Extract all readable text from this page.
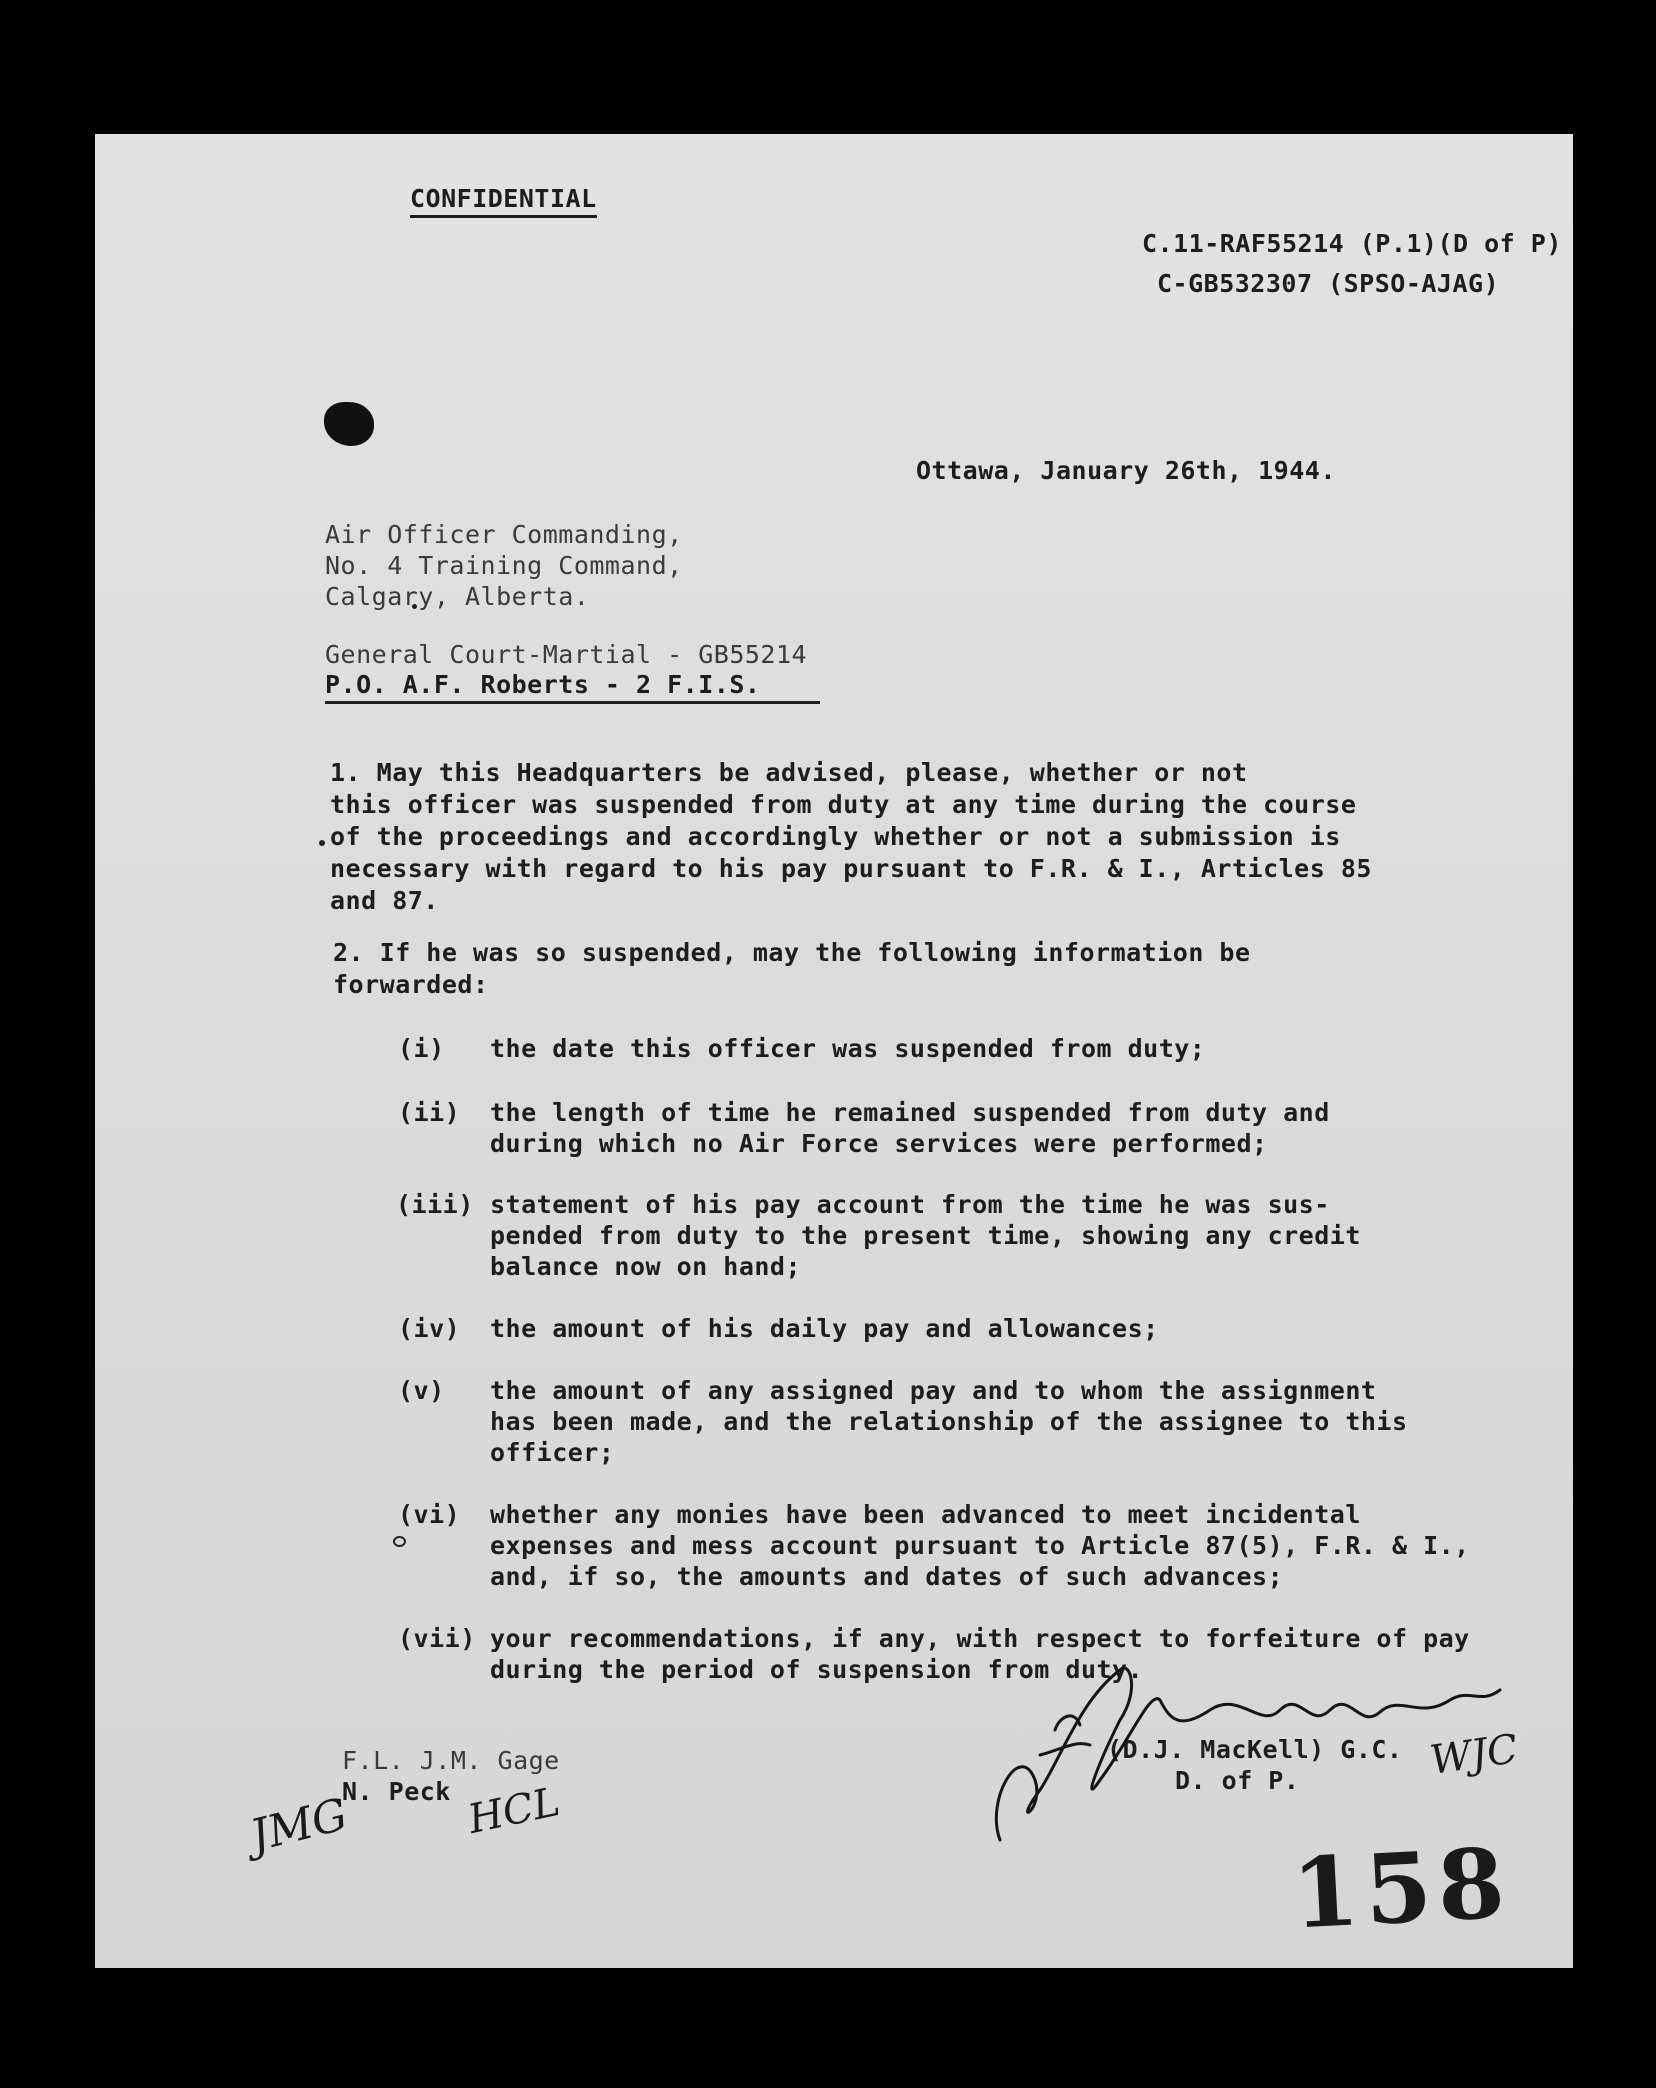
CONFIDENTIAL
C.11-RAF55214 (P.1)(D of P)
C-GB532307 (SPSO-AJAG)
Ottawa, January 26th, 1944.
Air Officer Commanding,
No. 4 Training Command,
Calgary, Alberta.
General Court-Martial - GB55214
P.O. A.F. Roberts - 2 F.I.S.
1. May this Headquarters be advised, please, whether or not
this officer was suspended from duty at any time during the course
of the proceedings and accordingly whether or not a submission is
necessary with regard to his pay pursuant to F.R. & I., Articles 85
and 87.
2. If he was so suspended, may the following information be
forwarded:
(i) the date this officer was suspended from duty;
(ii) the length of time he remained suspended from duty and
during which no Air Force services were performed;
(iii) statement of his pay account from the time he was sus-
pended from duty to the present time, showing any credit
balance now on hand;
(iv) the amount of his daily pay and allowances;
(v) the amount of any assigned pay and to whom the assignment
has been made, and the relationship of the assignee to this
officer;
(vi) whether any monies have been advanced to meet incidental
expenses and mess account pursuant to Article 87(5), F.R. & I.,
and, if so, the amounts and dates of such advances;
(vii) your recommendations, if any, with respect to forfeiture of pay
during the period of suspension from duty.
F.L. J.M. Gage
N. Peck
(D.J. MacKell) G.C.
D. of P.
JMG	HCL
WJC
158
